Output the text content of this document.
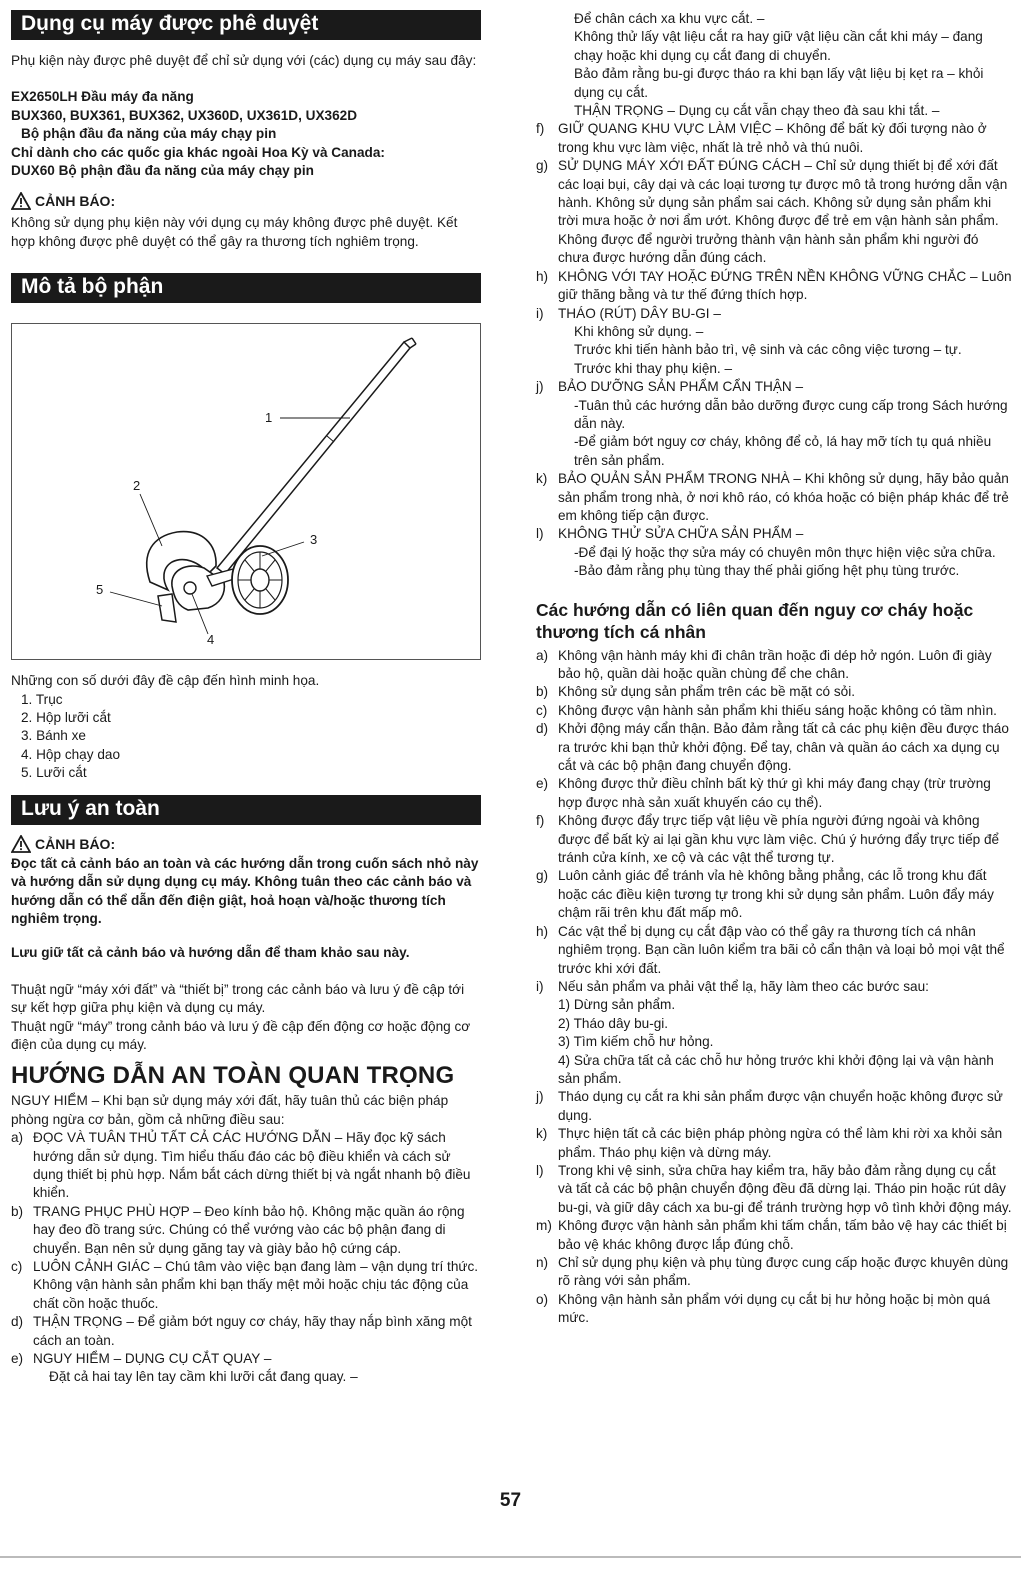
Dụng cụ máy được phê duyệt

Phụ kiện này được phê duyệt để chỉ sử dụng với (các) dụng cụ máy sau đây:

EX2650LH Đầu máy đa năng

BUX360, BUX361, BUX362, UX360D, UX361D, UX362D

Bộ phận đầu đa năng của máy chạy pin

Chỉ dành cho các quốc gia khác ngoài Hoa Kỳ và Canada:

DUX60 Bộ phận đầu đa năng của máy chạy pin

CẢNH BÁO:

Không sử dụng phụ kiện này với dụng cụ máy không được phê duyệt. Kết hợp không được phê duyệt có thể gây ra thương tích nghiêm trọng.

Mô tả bộ phận
1
2
3
4
5

Những con số dưới đây đề cập đến hình minh họa.

1. Trục

2. Hộp lưỡi cắt

3. Bánh xe

4. Hộp chạy dao

5. Lưỡi cắt

Lưu ý an toàn
CẢNH BÁO:

Đọc tất cả cảnh báo an toàn và các hướng dẫn trong cuốn sách nhỏ này và hướng dẫn sử dụng dụng cụ máy. Không tuân theo các cảnh báo và hướng dẫn có thể dẫn đến điện giật, hoả hoạn và/hoặc thương tích nghiêm trọng.

Lưu giữ tất cả cảnh báo và hướng dẫn để tham khảo sau này.

Thuật ngữ “máy xới đất” và “thiết bị” trong các cảnh báo và lưu ý đề cập tới sự kết hợp giữa phụ kiện và dụng cụ máy.

Thuật ngữ “máy” trong cảnh báo và lưu ý đề cập đến động cơ hoặc động cơ điện của dụng cụ máy.

HƯỚNG DẪN AN TOÀN QUAN TRỌNG

NGUY HIỂM – Khi bạn sử dụng máy xới đất, hãy tuân thủ các biện pháp phòng ngừa cơ bản, gồm cả những điều sau:

a) ĐỌC VÀ TUÂN THỦ TẤT CẢ CÁC HƯỚNG DẪN – Hãy đọc kỹ sách hướng dẫn sử dụng. Tìm hiểu thấu đáo các bộ điều khiển và cách sử dụng thiết bị phù hợp. Nắm bắt cách dừng thiết bị và ngắt nhanh bộ điều khiển.
b) TRANG PHỤC PHÙ HỢP – Đeo kính bảo hộ. Không mặc quần áo rộng hay đeo đồ trang sức. Chúng có thể vướng vào các bộ phận đang di chuyển. Bạn nên sử dụng găng tay và giày bảo hộ cứng cáp.
c) LUÔN CẢNH GIÁC – Chú tâm vào việc bạn đang làm – vận dụng trí thức. Không vận hành sản phẩm khi bạn thấy mệt mỏi hoặc chịu tác động của chất cồn hoặc thuốc.
d) THẬN TRỌNG – Để giảm bớt nguy cơ cháy, hãy thay nắp bình xăng một cách an toàn.
e) NGUY HIỂM – DỤNG CỤ CẮT QUAY –

Đặt cả hai tay lên tay cầm khi lưỡi cắt đang quay. –

Để chân cách xa khu vực cắt. –

Không thử lấy vật liệu cắt ra hay giữ vật liệu cần cắt khi máy – đang chạy hoặc khi dụng cụ cắt đang di chuyển.

Bảo đảm rằng bu-gi được tháo ra khi bạn lấy vật liệu bị kẹt ra – khỏi dụng cụ cắt.

THẬN TRỌNG – Dụng cụ cắt vẫn chạy theo đà sau khi tắt. –

f)	GIỮ QUANG KHU VỰC LÀM VIỆC – Không để bất kỳ đối tượng nào ở trong khu vực làm việc, nhất là trẻ nhỏ và thú nuôi.
g) SỬ DỤNG MÁY XỚI ĐẤT ĐÚNG CÁCH – Chỉ sử dụng thiết bị để xới đất các loại bụi, cây dại và các loại tương tự được mô tả trong hướng dẫn vận hành. Không sử dụng sản phẩm sai cách. Không sử dụng sản phẩm khi trời mưa hoặc ở nơi ẩm ướt. Không được để trẻ em vận hành sản phẩm. Không được để người trưởng thành vận hành sản phẩm khi người đó chưa được hướng dẫn đúng cách.
h) KHÔNG VỚI TAY HOẶC ĐỨNG TRÊN NỀN KHÔNG VỮNG CHẮC – Luôn giữ thăng bằng và tư thế đứng thích hợp.
i)	THÁO (RÚT) DÂY BU-GI –

Khi không sử dụng. –

Trước khi tiến hành bảo trì, vệ sinh và các công việc tương – tự.

Trước khi thay phụ kiện. –

j)	BẢO DƯỠNG SẢN PHẨM CẨN THẬN –

-Tuân thủ các hướng dẫn bảo dưỡng được cung cấp trong Sách hướng dẫn này.

-Để giảm bớt nguy cơ cháy, không để cỏ, lá hay mỡ tích tụ quá nhiều trên sản phẩm.

k) BẢO QUẢN SẢN PHẨM TRONG NHÀ – Khi không sử dụng, hãy bảo quản sản phẩm trong nhà, ở nơi khô ráo, có khóa hoặc có biện pháp khác để trẻ em không tiếp cận được.
l)	KHÔNG THỬ SỬA CHỮA SẢN PHẨM –

-Để đại lý hoặc thợ sửa máy có chuyên môn thực hiện việc sửa chữa.

-Bảo đảm rằng phụ tùng thay thế phải giống hệt phụ tùng trước.

Các hướng dẫn có liên quan đến nguy cơ cháy hoặc thương tích cá nhân
a) Không vận hành máy khi đi chân trần hoặc đi dép hở ngón. Luôn đi giày bảo hộ, quần dài hoặc quần chùng để che chân.
b) Không sử dụng sản phẩm trên các bề mặt có sỏi.
c) Không được vận hành sản phẩm khi thiếu sáng hoặc không có tầm nhìn.
d) Khởi động máy cẩn thận. Bảo đảm rằng tất cả các phụ kiện đều được tháo ra trước khi bạn thử khởi động. Để tay, chân và quần áo cách xa dụng cụ cắt và các bộ phận đang chuyển động.
e) Không được thử điều chỉnh bất kỳ thứ gì khi máy đang chạy (trừ trường hợp được nhà sản xuất khuyến cáo cụ thể).
f)	Không được đẩy trực tiếp vật liệu về phía người đứng ngoài và không được để bất kỳ ai lại gần khu vực làm việc. Chú ý hướng đẩy trực tiếp để tránh cửa kính, xe cộ và các vật thể tương tự.
g) Luôn cảnh giác để tránh vỉa hè không bằng phẳng, các lỗ trong khu đất hoặc các điều kiện tương tự trong khi sử dụng sản phẩm. Luôn đẩy máy chậm rãi trên khu đất mấp mô.
h) Các vật thể bị dụng cụ cắt đập vào có thể gây ra thương tích cá nhân nghiêm trọng. Bạn cần luôn kiểm tra bãi cỏ cẩn thận và loại bỏ mọi vật thể trước khi xới đất.
i)	Nếu sản phẩm va phải vật thể lạ, hãy làm theo các bước sau:

1) Dừng sản phẩm.

2) Tháo dây bu-gi.

3) Tìm kiếm chỗ hư hỏng.

4) Sửa chữa tất cả các chỗ hư hỏng trước khi khởi động lại và vận hành sản phẩm.

j)	Tháo dụng cụ cắt ra khi sản phẩm được vận chuyển hoặc không được sử dụng.
k) Thực hiện tất cả các biện pháp phòng ngừa có thể làm khi rời xa khỏi sản phẩm. Tháo phụ kiện và dừng máy.
l)	Trong khi vệ sinh, sửa chữa hay kiểm tra, hãy bảo đảm rằng dụng cụ cắt và tất cả các bộ phận chuyển động đều đã dừng lại. Tháo pin hoặc rút dây bu-gi, và giữ dây cách xa bu-gi để tránh trường hợp vô tình khởi động máy.
m) Không được vận hành sản phẩm khi tấm chắn, tấm bảo vệ hay các thiết bị bảo vệ khác không được lắp đúng chỗ.
n) Chỉ sử dụng phụ kiện và phụ tùng được cung cấp hoặc được khuyên dùng rõ ràng với sản phẩm.
o) Không vận hành sản phẩm với dụng cụ cắt bị hư hỏng hoặc bị mòn quá mức.
57
